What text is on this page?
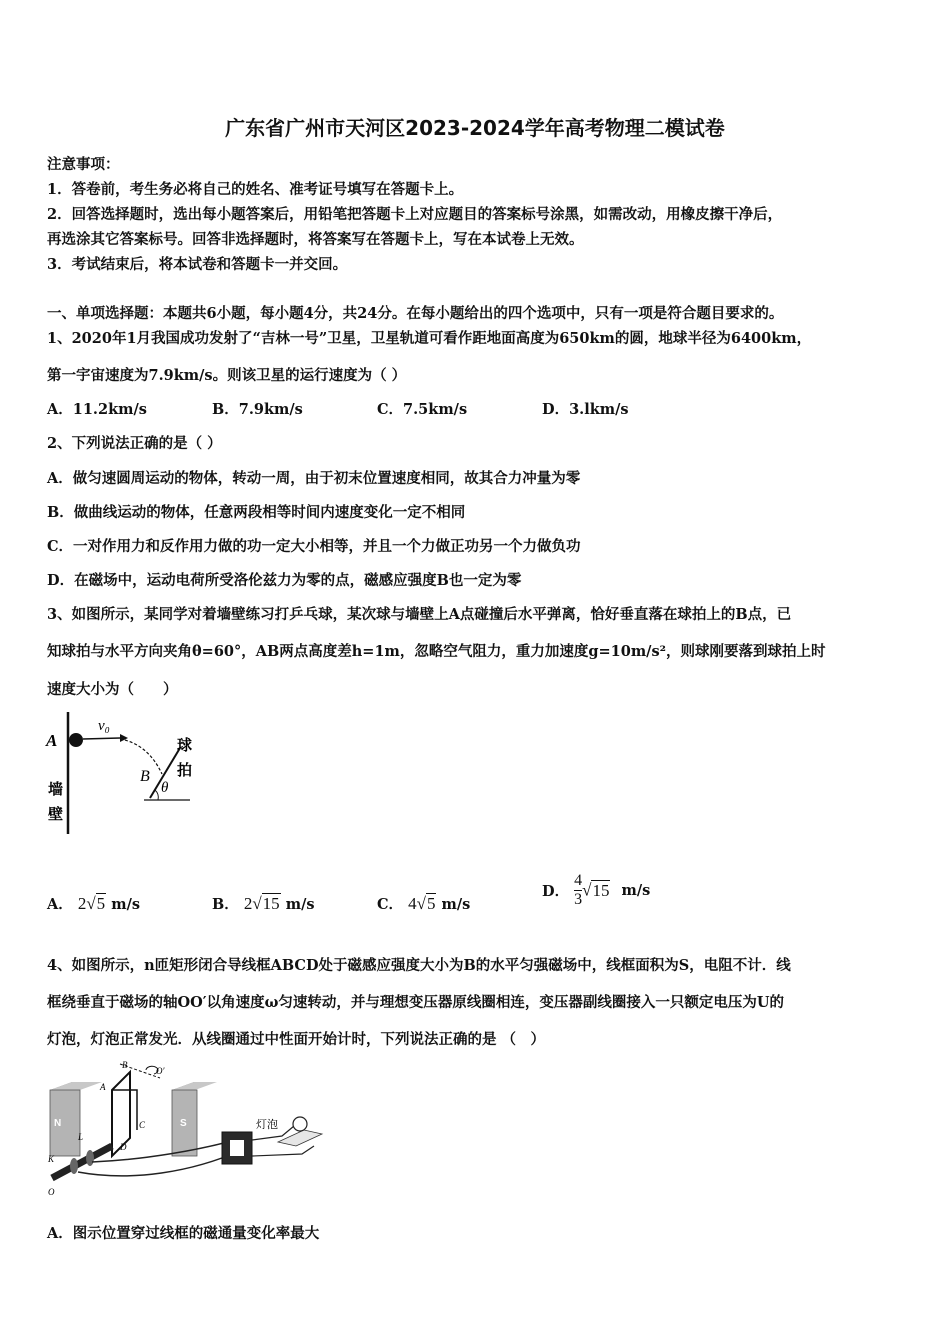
广东省广州市天河区2023-2024学年高考物理二模试卷
注意事项：
1．答卷前，考生务必将自己的姓名、准考证号填写在答题卡上。
2．回答选择题时，选出每小题答案后，用铅笔把答题卡上对应题目的答案标号涂黑，如需改动，用橡皮擦干净后，
再选涂其它答案标号。回答非选择题时，将答案写在答题卡上，写在本试卷上无效。
3．考试结束后，将本试卷和答题卡一并交回。
一、单项选择题：本题共6小题，每小题4分，共24分。在每小题给出的四个选项中，只有一项是符合题目要求的。
1、2020年1月我国成功发射了“吉林一号”卫星，卫星轨道可看作距地面高度为650km的圆，地球半径为6400km，
第一宇宙速度为7.9km/s。则该卫星的运行速度为（ ）
A．11.2km/s	B．7.9km/s	C．7.5km/s	D．3.lkm/s
2、下列说法正确的是（ ）
A．做匀速圆周运动的物体，转动一周，由于初末位置速度相同，故其合力冲量为零
B．做曲线运动的物体，任意两段相等时间内速度变化一定不相同
C．一对作用力和反作用力做的功一定大小相等，并且一个力做正功另一个力做负功
D．在磁场中，运动电荷所受洛伦兹力为零的点，磁感应强度B也一定为零
3、如图所示，某同学对着墙壁练习打乒乓球，某次球与墙壁上A点碰撞后水平弹离，恰好垂直落在球拍上的B点，已
知球拍与水平方向夹角θ=60°，AB两点高度差h=1m，忽略空气阻力，重力加速度g=10m/s²，则球刚要落到球拍上时
速度大小为（　　）
A
v₀
B
θ
墙
壁
球
拍
A． 2√5 m/s	B． 2√15 m/s	C． 4√5 m/s
D． $\frac{4}{3} √15$ m/s
4、如图所示，n匝矩形闭合导线框ABCD处于磁感应强度大小为B的水平匀强磁场中，线框面积为S，电阻不计．线
框绕垂直于磁场的轴OO′以角速度ω匀速转动，并与理想变压器原线圈相连，变压器副线圈接入一只额定电压为U的
灯泡，灯泡正常发光．从线圈通过中性面开始计时，下列说法正确的是 （　）
灯泡
N	S
A
B
C
D
O′
L
K
O
A．图示位置穿过线框的磁通量变化率最大
